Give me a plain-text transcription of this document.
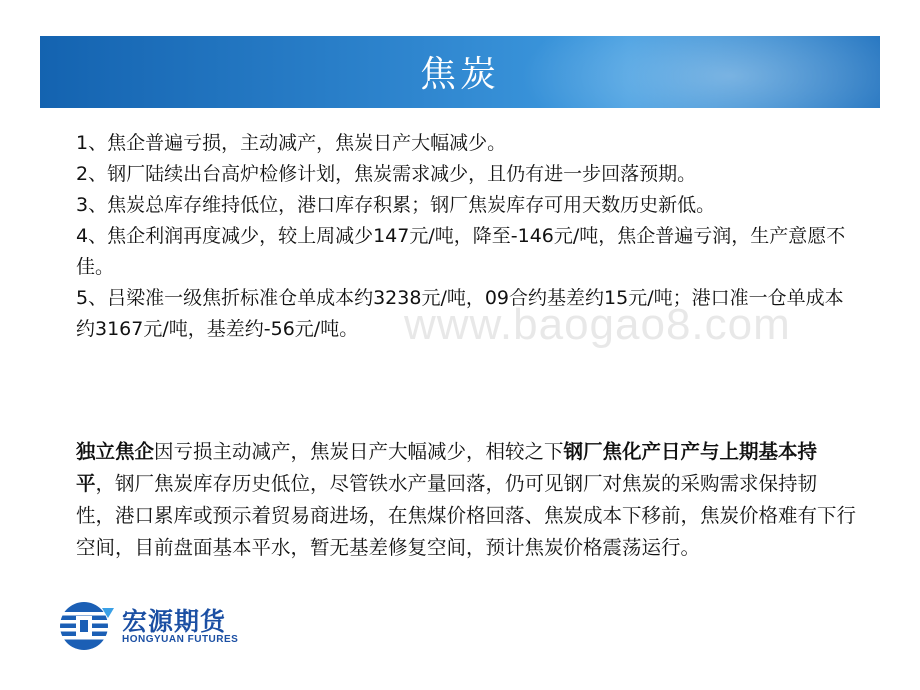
焦炭

1、焦企普遍亏损，主动减产，焦炭日产大幅减少。

2、钢厂陆续出台高炉检修计划，焦炭需求减少，且仍有进一步回落预期。

3、焦炭总库存维持低位，港口库存积累；钢厂焦炭库存可用天数历史新低。

4、焦企利润再度减少，较上周减少147元/吨，降至-146元/吨，焦企普遍亏润，生产意愿不佳。

5、吕梁准一级焦折标准仓单成本约3238元/吨，09合约基差约15元/吨；港口准一仓单成本约3167元/吨，基差约-56元/吨。

独立焦企因亏损主动减产，焦炭日产大幅减少，相较之下钢厂焦化产日产与上期基本持平，钢厂焦炭库存历史低位，尽管铁水产量回落，仍可见钢厂对焦炭的采购需求保持韧性，港口累库或预示着贸易商进场，在焦煤价格回落、焦炭成本下移前，焦炭价格难有下行空间，目前盘面基本平水，暂无基差修复空间，预计焦炭价格震荡运行。
www.baogao8.com
宏源期货
HONGYUAN FUTURES
